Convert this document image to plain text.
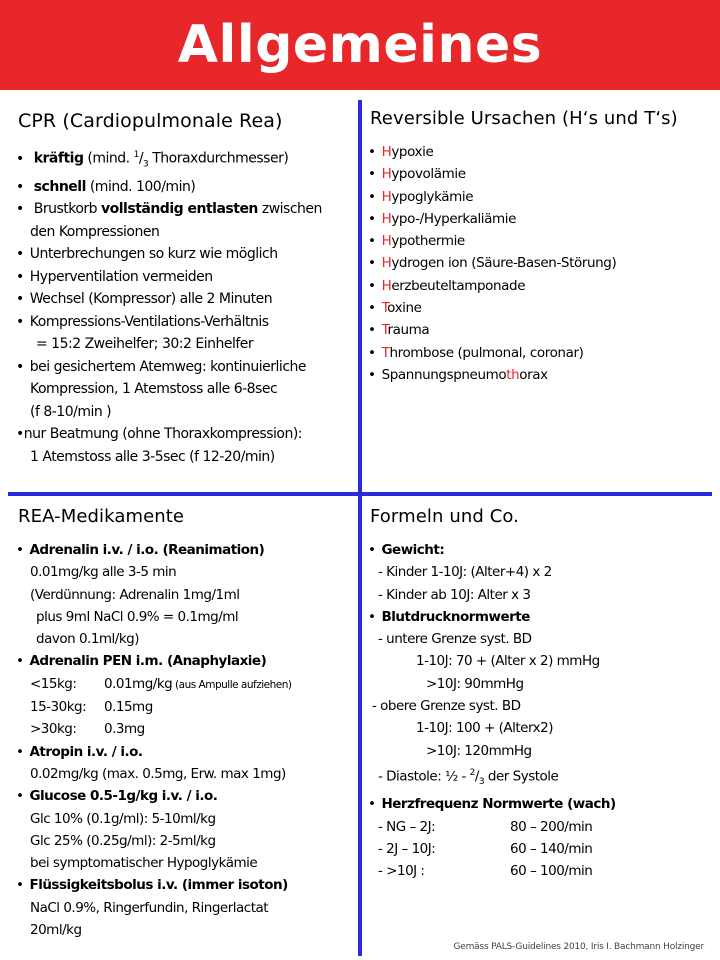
Allgemeines
CPR (Cardiopulmonale Rea)
• kräftig (mind. $^1/_3$ Thoraxdurchmesser)
• schnell (mind. 100/min)
• Brustkorb vollständig entlasten zwischen
den Kompressionen
• Unterbrechungen so kurz wie möglich
• Hyperventilation vermeiden
• Wechsel (Kompressor) alle 2 Minuten
• Kompressions-Ventilations-Verhältnis
= 15:2 Zweihelfer; 30:2 Einhelfer
• bei gesichertem Atemweg: kontinuierliche
Kompression, 1 Atemstoss alle 6-8sec
(f 8-10/min )
•nur Beatmung (ohne Thoraxkompression):
1 Atemstoss alle 3-5sec (f 12-20/min)
Reversible Ursachen (H‘s und T‘s)
• Hypoxie
• Hypovolämie
• Hypoglykämie
• Hypo-/Hyperkaliämie
• Hypothermie
• Hydrogen ion (Säure-Basen-Störung)
• Herzbeuteltamponade
• Toxine
• Trauma
• Thrombose (pulmonal, coronar)
• Spannungspneumothorax
REA-Medikamente
• Adrenalin i.v. / i.o. (Reanimation)
0.01mg/kg alle 3-5 min
(Verdünnung: Adrenalin 1mg/1ml
plus 9ml NaCl 0.9% = 0.1mg/ml
davon 0.1ml/kg)
• Adrenalin PEN i.m. (Anaphylaxie)
<15kg: 0.01mg/kg (aus Ampulle aufziehen)
15-30kg: 0.15mg
>30kg: 0.3mg
• Atropin i.v. / i.o.
0.02mg/kg (max. 0.5mg, Erw. max 1mg)
• Glucose 0.5-1g/kg i.v. / i.o.
Glc 10% (0.1g/ml): 5-10ml/kg
Glc 25% (0.25g/ml): 2-5ml/kg
bei symptomatischer Hypoglykämie
• Flüssigkeitsbolus i.v. (immer isoton)
NaCl 0.9%, Ringerfundin, Ringerlactat
20ml/kg
Formeln und Co.
• Gewicht:
- Kinder 1-10J: (Alter+4) x 2
- Kinder ab 10J: Alter x 3
• Blutdrucknormwerte
- untere Grenze syst. BD
1-10J: 70 + (Alter x 2) mmHg
>10J: 90mmHg
- obere Grenze syst. BD
1-10J: 100 + (Alterx2)
>10J: 120mmHg
- Diastole: ½ - $^2/_3$ der Systole
• Herzfrequenz Normwerte (wach)
- NG – 2J:	80 – 200/min
- 2J – 10J:	60 – 140/min
- >10J :	60 – 100/min
Gemäss PALS-Guidelines 2010, Iris I. Bachmann Holzinger
